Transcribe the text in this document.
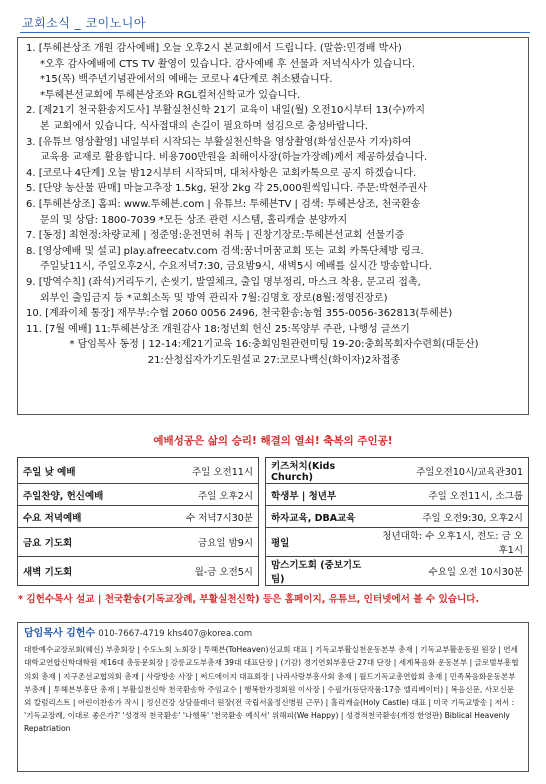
교회소식 _ 코이노니아
1. [투헤븐상조 개원 감사예배] 오늘 오후2시 본교회에서 드립니다. (말씀:민경배 박사)
*오후 감사예배에 CTS TV 촬영이 있습니다. 감사예배 후 선물과 저녁식사가 있습니다.
*15(목) 백주년기념관에서의 예배는 코로나 4단계로 취소됐습니다.
*투헤븐선교회에 투헤븐상조와 RGL컬처신학교가 있습니다.
2. [제21기 천국환송지도사] 부활실천신학 21기 교육이 내일(월) 오전10시부터 13(수)까지
본 교회에서 있습니다. 식사접대의 손길이 필요하며 섬김으로 충성바랍니다.
3. [유튜브 영상촬영] 내일부터 시작되는 부활실천신학을 영상촬영(화성신문사 기자)하여
교육용 교재로 활용합니다. 비용700만원을 최해이사장(하늘가장례)께서 제공하셨습니다.
4. [코로나 4단계] 오늘 밤12시부터 시작되며, 대처사항은 교회카톡으로 공지 하겠습니다.
5. [단양 농산물 판매] 마늘고추장 1.5kg, 된장 2kg 각 25,000원씩입니다. 주문:박현주권사
6. [투헤븐상조] 홈피: www.투헤븐.com | 유튜브: 투헤븐TV | 검색: 투헤븐상조, 천국환송
문의 및 상담: 1800-7039 *모든 상조 관련 시스템, 홀리캐슬 분양까지
7. [동정] 최현정:차량교체 | 정준영:운전면허 취득 | 진창기장로:투헤븐선교회 선물기증
8. [영상예배 및 설교] play.afreecatv.com 검색:꿈너머꿈교회 또는 교회 카톡단체방 링크.
주일낮11시, 주일오후2시, 수요저녁7:30, 금요밤9시, 새벽5시 예배를 실시간 방송합니다.
9. [방역수칙] (좌석)거리두기, 손씻기, 발열체크, 출입 명부정리, 마스크 착용, 문고리 접촉,
외부인 출입금지 등 *교회소독 및 방역 관리자 7월:김명호 장로(8월:정영진장로)
10. [계좌이체 통장] 재무부:수협 2060 0056 2496, 천국환송:농협 355-0056-362813(투헤븐)
11. [7월 예배] 11:투헤븐상조 개원감사 18:청년회 헌신 25:목양부 주관, 나행성 글쓰기
* 담임목사 동정 | 12-14:제21기교육 16:충회임원관련미팅 19-20:충회목회자수련회(대둔산)
21:산청십자가기도원설교 27:코로나백신(화이자)2차접종
예배성공은 삶의 승리! 해결의 열쇠! 축복의 주인공!
주일 낮 예배	주일 오전11시		키즈처치(Kids Church)	주일오전10시/교육관301
주일찬양, 헌신예배	주일 오후2시		학생부 | 청년부	주일 오전11시, 소그룹
수요 저녁예배	수 저녁7시30분		하자교육, DBA교육	주일 오전9:30, 오후2시
금요 기도회	금요일 밤9시		평일	청년대학: 수 오후1시, 전도: 금 오후1시
새벽 기도회	월-금 오전5시		맘스기도회 (중보기도팀)	수요일 오전 10시30분
* 김헌수목사 설교 | 천국환송(기독교장례, 부활실천신학) 등은 홈페이지, 유튜브, 인터넷에서 볼 수 있습니다.
담임목사 김헌수 010-7667-4719 khs407@korea.com
대한예수교장로회(웨신) 부총회장 | 수도노회 노회장 | 투헤븐(ToHeaven)선교회 대표 | 기독교부활실천운동본부 총재 | 기독교부활운동원 원장 | 연세대학교연합신학대학원 제16대 총동문회장 | 강릉교도부총재 39대 대표단장 | (기감) 경기연회부흥단 27대 단장 | 세계복음화 운동본부 | 글로벌부흥협의회 총재 | 지구촌선교협의회 총재 | 사랑방송 사장 | 써드에이지 대표회장 | 나라사랑부흥사회 총재 | 월드기독교총연합회 총재 | 민족복음화운동본부 부총재 | 투헤븐부흥단 총재 | 부활실천신학 천국환송학 주임교수 | 행복한가정회원 이사장 | 수필가(등단작품:17층 엘리베이터) | 복음신문, 사모신문 외 칼럼리스트 | 어린이찬송가 작시 | 정신건강 상담플래너 원장(전 국립서울정신병원 근무) | 홀리캐슬(Holy Castle) 대표 | 미국 기독교방송 | 저서 : '기독교장례, 이대로 좋은가?' '성경적 천국환송' '나행복' '천국환송 예식서' 위해피(We Happy) | 성경적천국환송(개정 한영판) Biblical Heavenly Repatriation
